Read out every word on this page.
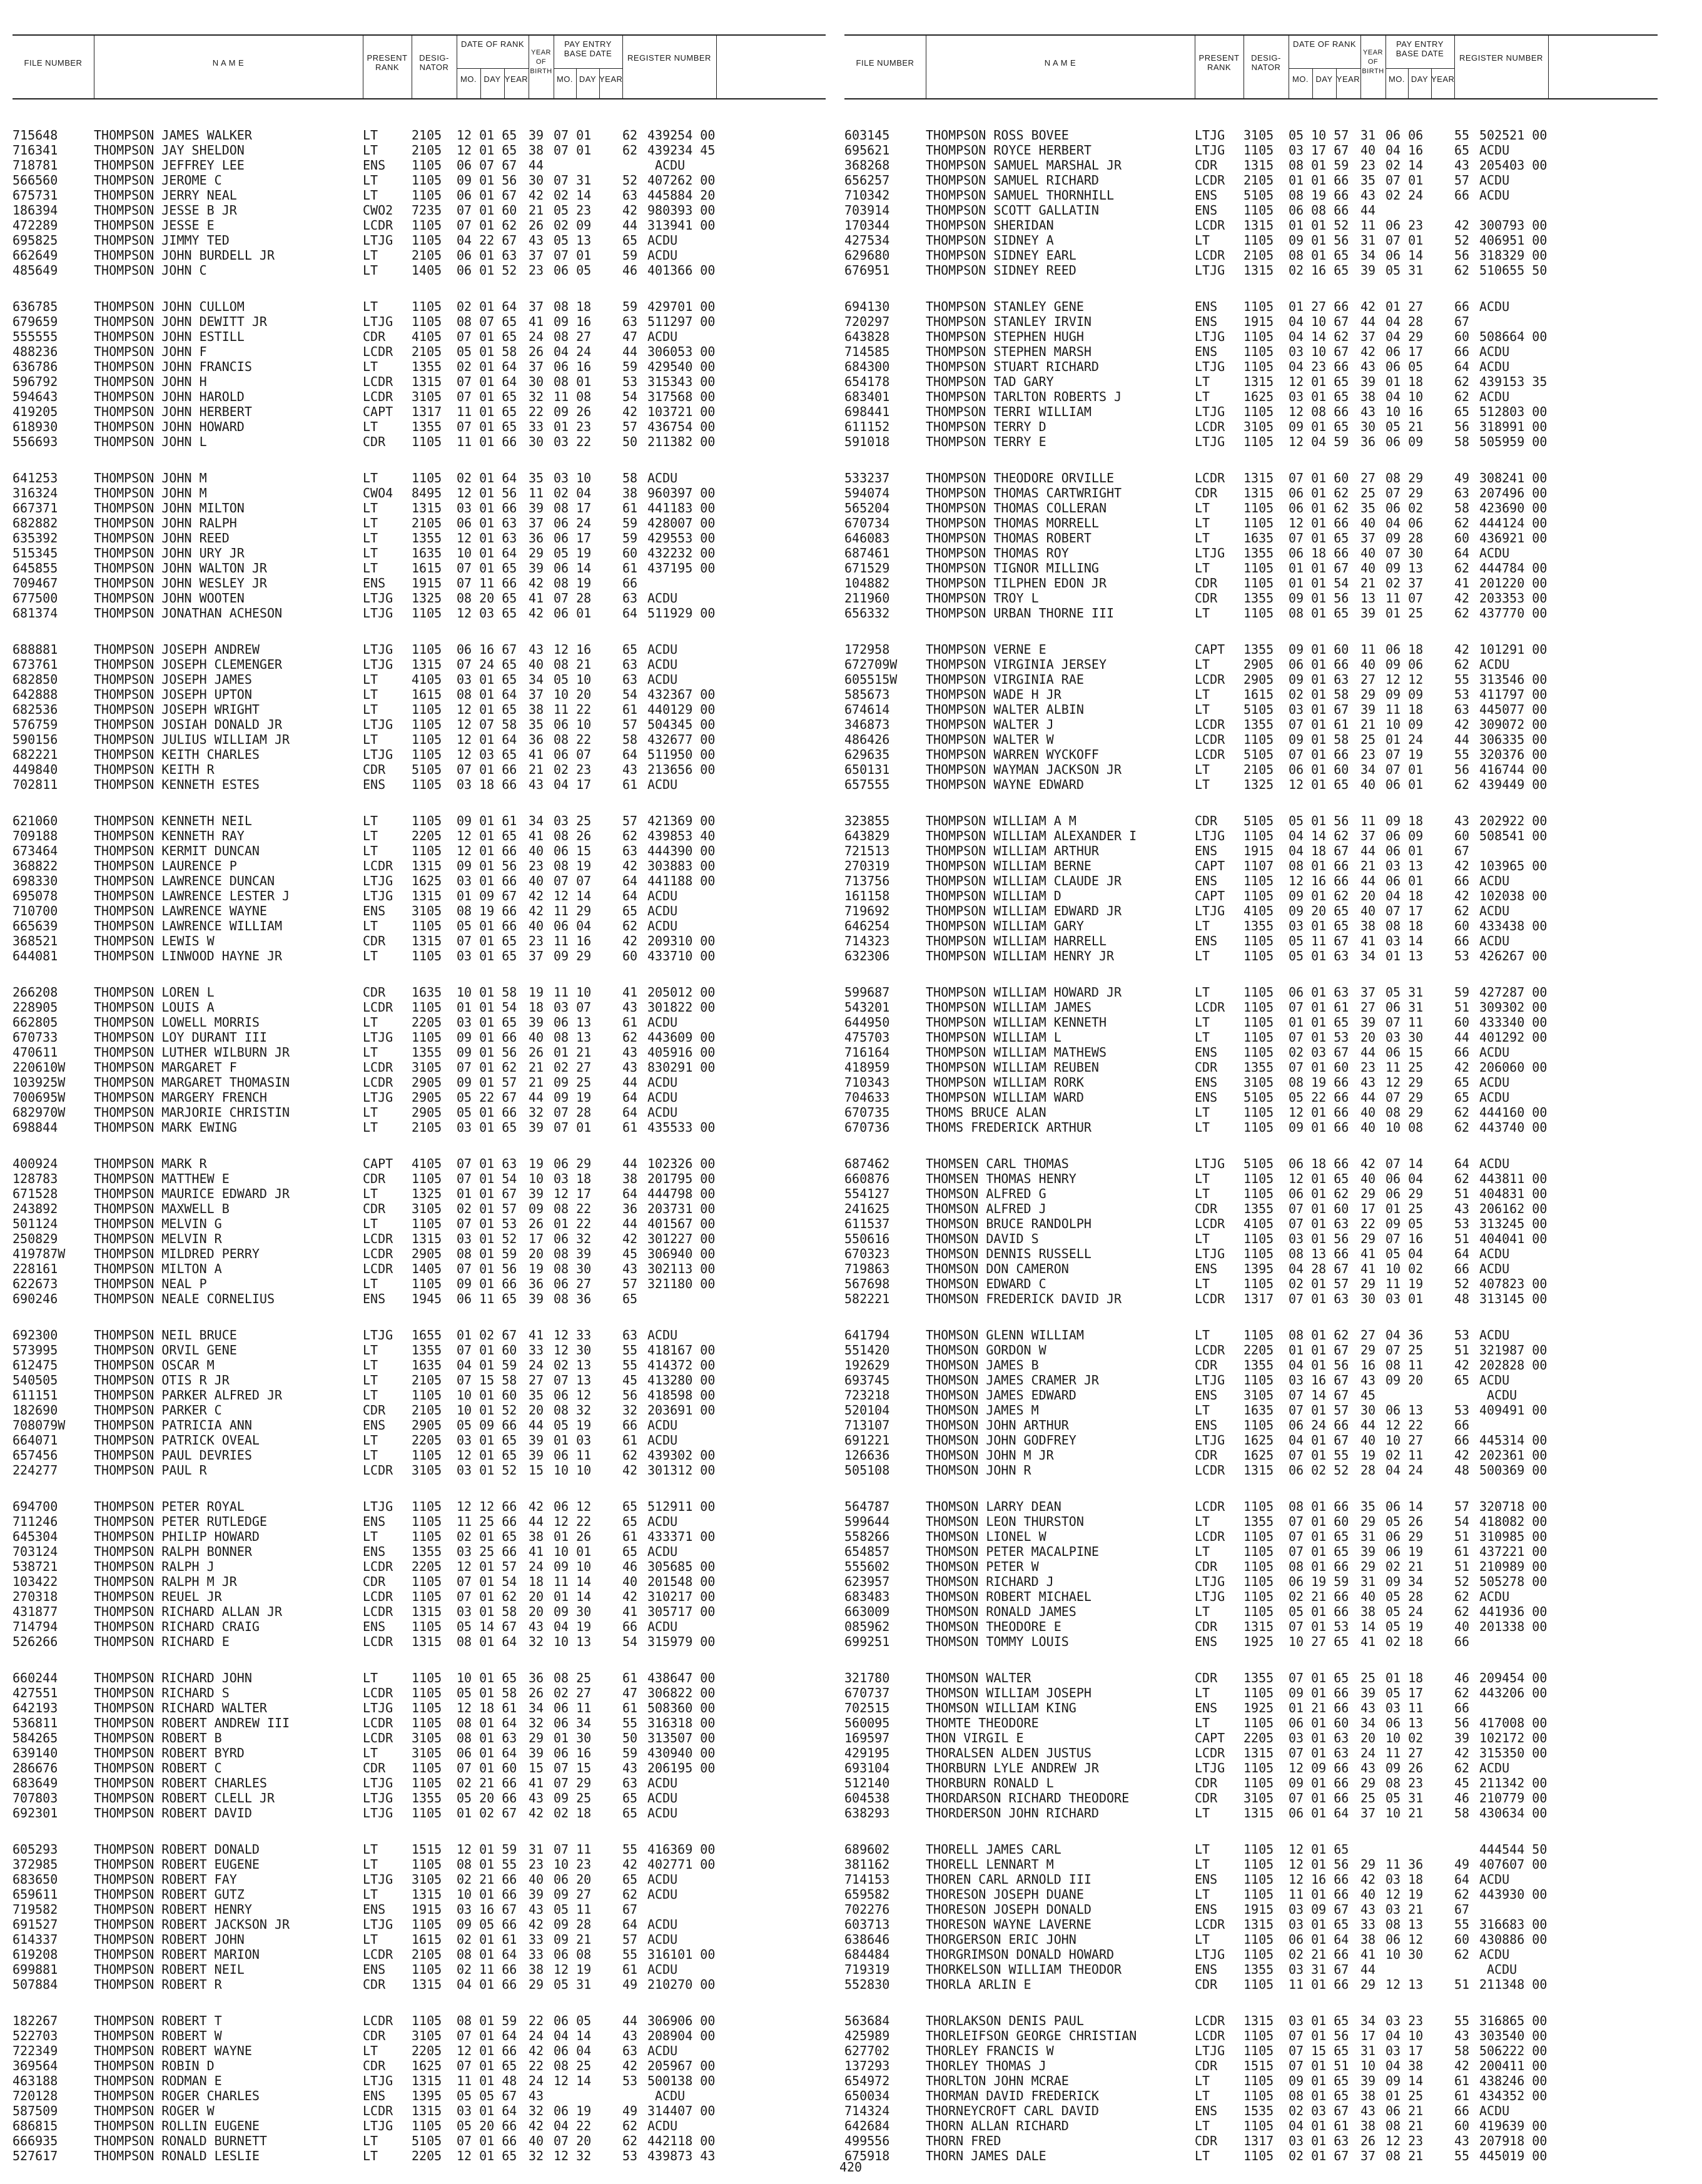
FILE NUMBER	N A M E
PRESENT RANK
DESIG-NATOR
DATE OF RANK
MO. DAY YEAR
YEAR OF BIRTH
PAY ENTRY BASE DATE
MO. DAY YEAR
REGISTER NUMBER
715648	THOMPSON JAMES WALKER	LT	2105	12 01 65 39 07 01	62 439254 00
716341	THOMPSON JAY SHELDON	LT	2105	12 01 65 38 07 01	62 439234 45
718781	THOMPSON JEFFREY LEE	ENS	1105	06 07 67 44	ACDU
566560	THOMPSON JEROME C	LT	1105	09 01 56 30 07 31	52 407262 00
675731	THOMPSON JERRY NEAL	LT	1105	06 01 67 42 02 14	63 445884 20
186394	THOMPSON JESSE B JR	CWO2	7235	07 01 60 21 05 23	42 980393 00
472289	THOMPSON JESSE E	LCDR	1105	07 01 62 26 02 09	44 313941 00
695825	THOMPSON JIMMY TED	LTJG	1105	04 22 67 43 05 13	65 ACDU
662649	THOMPSON JOHN BURDELL JR	LT	2105	06 01 63 37 07 01	59 ACDU
485649	THOMPSON JOHN C	LT	1405	06 01 52 23 06 05	46 401366 00
636785	THOMPSON JOHN CULLOM	LT	1105	02 01 64 37 08 18	59 429701 00
679659	THOMPSON JOHN DEWITT JR	LTJG	1105	08 07 65 41 09 16	63 511297 00
555555	THOMPSON JOHN ESTILL	CDR	4105	07 01 65 24 08 27	47 ACDU
488236	THOMPSON JOHN F	LCDR	2105	05 01 58 26 04 24	44 306053 00
636786	THOMPSON JOHN FRANCIS	LT	1355	02 01 64 37 06 16	59 429540 00
596792	THOMPSON JOHN H	LCDR	1315	07 01 64 30 08 01	53 315343 00
594643	THOMPSON JOHN HAROLD	LCDR	3105	07 01 65 32 11 08	54 317568 00
419205	THOMPSON JOHN HERBERT	CAPT	1317	11 01 65 22 09 26	42 103721 00
618930	THOMPSON JOHN HOWARD	LT	1355	07 01 65 33 01 23	57 436754 00
556693	THOMPSON JOHN L	CDR	1105	11 01 66 30 03 22	50 211382 00
641253	THOMPSON JOHN M	LT	1105	02 01 64 35 03 10	58 ACDU
316324	THOMPSON JOHN M	CWO4	8495	12 01 56 11 02 04	38 960397 00
667371	THOMPSON JOHN MILTON	LT	1315	03 01 66 39 08 17	61 441183 00
682882	THOMPSON JOHN RALPH	LT	2105	06 01 63 37 06 24	59 428007 00
635392	THOMPSON JOHN REED	LT	1355	12 01 63 36 06 17	59 429553 00
515345	THOMPSON JOHN URY JR	LT	1635	10 01 64 29 05 19	60 432232 00
645855	THOMPSON JOHN WALTON JR	LT	1615	07 01 65 39 06 14	61 437195 00
709467	THOMPSON JOHN WESLEY JR	ENS	1915	07 11 66 42 08 19	66
677500	THOMPSON JOHN WOOTEN	LTJG	1325	08 20 65 41 07 28	63 ACDU
681374	THOMPSON JONATHAN ACHESON	LTJG	1105	12 03 65 42 06 01	64 511929 00
688881	THOMPSON JOSEPH ANDREW	LTJG	1105	06 16 67 43 12 16	65 ACDU
673761	THOMPSON JOSEPH CLEMENGER	LTJG	1315	07 24 65 40 08 21	63 ACDU
682850	THOMPSON JOSEPH JAMES	LT	4105	03 01 65 34 05 10	63 ACDU
642888	THOMPSON JOSEPH UPTON	LT	1615	08 01 64 37 10 20	54 432367 00
682536	THOMPSON JOSEPH WRIGHT	LT	1105	12 01 65 38 11 22	61 440129 00
576759	THOMPSON JOSIAH DONALD JR	LTJG	1105	12 07 58 35 06 10	57 504345 00
590156	THOMPSON JULIUS WILLIAM JR	LT	1105	12 01 64 36 08 22	58 432677 00
682221	THOMPSON KEITH CHARLES	LTJG	1105	12 03 65 41 06 07	64 511950 00
449840	THOMPSON KEITH R	CDR	5105	07 01 66 21 02 23	43 213656 00
702811	THOMPSON KENNETH ESTES	ENS	1105	03 18 66 43 04 17	61 ACDU
621060	THOMPSON KENNETH NEIL	LT	1105	09 01 61 34 03 25	57 421369 00
709188	THOMPSON KENNETH RAY	LT	2205	12 01 65 41 08 26	62 439853 40
673464	THOMPSON KERMIT DUNCAN	LT	1105	12 01 66 40 06 15	63 444390 00
368822	THOMPSON LAURENCE P	LCDR	1315	09 01 56 23 08 19	42 303883 00
698330	THOMPSON LAWRENCE DUNCAN	LTJG	1625	03 01 66 40 07 07	64 441188 00
695078	THOMPSON LAWRENCE LESTER J	LTJG	1315	01 09 67 42 12 14	64 ACDU
710700	THOMPSON LAWRENCE WAYNE	ENS	3105	08 19 66 42 11 29	65 ACDU
665639	THOMPSON LAWRENCE WILLIAM	LT	1105	05 01 66 40 06 04	62 ACDU
368521	THOMPSON LEWIS W	CDR	1315	07 01 65 23 11 16	42 209310 00
644081	THOMPSON LINWOOD HAYNE JR	LT	1105	03 01 65 37 09 29	60 433710 00
266208	THOMPSON LOREN L	CDR	1635	10 01 58 19 11 10	41 205012 00
228905	THOMPSON LOUIS A	LCDR	1105	01 01 54 18 03 07	43 301822 00
662805	THOMPSON LOWELL MORRIS	LT	2205	03 01 65 39 06 13	61 ACDU
670733	THOMPSON LOY DURANT III	LTJG	1105	09 01 66 40 08 13	62 443609 00
470611	THOMPSON LUTHER WILBURN JR	LT	1355	09 01 56 26 01 21	43 405916 00
220610W	THOMPSON MARGARET F	LCDR	3105	07 01 62 21 02 27	43 830291 00
103925W	THOMPSON MARGARET THOMASIN	LCDR	2905	09 01 57 21 09 25	44 ACDU
700695W	THOMPSON MARGERY FRENCH	LTJG	2905	05 22 67 44 09 19	64 ACDU
682970W	THOMPSON MARJORIE CHRISTIN	LT	2905	05 01 66 32 07 28	64 ACDU
698844	THOMPSON MARK EWING	LT	2105	03 01 65 39 07 01	61 435533 00
400924	THOMPSON MARK R	CAPT	4105	07 01 63 19 06 29	44 102326 00
128783	THOMPSON MATTHEW E	CDR	1105	07 01 54 10 03 18	38 201795 00
671528	THOMPSON MAURICE EDWARD JR	LT	1325	01 01 67 39 12 17	64 444798 00
243892	THOMPSON MAXWELL B	CDR	3105	02 01 57 09 08 22	36 203731 00
501124	THOMPSON MELVIN G	LT	1105	07 01 53 26 01 22	44 401567 00
250829	THOMPSON MELVIN R	LCDR	1315	03 01 52 17 06 32	42 301227 00
419787W	THOMPSON MILDRED PERRY	LCDR	2905	08 01 59 20 08 39	45 306940 00
228161	THOMPSON MILTON A	LCDR	1405	07 01 56 19 08 30	43 302113 00
622673	THOMPSON NEAL P	LT	1105	09 01 66 36 06 27	57 321180 00
690246	THOMPSON NEALE CORNELIUS	ENS	1945	06 11 65 39 08 36	65
692300	THOMPSON NEIL BRUCE	LTJG	1655	01 02 67 41 12 33	63 ACDU
573995	THOMPSON ORVIL GENE	LT	1355	07 01 60 33 12 30	55 418167 00
612475	THOMPSON OSCAR M	LT	1635	04 01 59 24 02 13	55 414372 00
540505	THOMPSON OTIS R JR	LT	2105	07 15 58 27 07 13	45 413280 00
611151	THOMPSON PARKER ALFRED JR	LT	1105	10 01 60 35 06 12	56 418598 00
182690	THOMPSON PARKER C	CDR	2105	10 01 52 20 08 32	32 203691 00
708079W	THOMPSON PATRICIA ANN	ENS	2905	05 09 66 44 05 19	66 ACDU
664071	THOMPSON PATRICK OVEAL	LT	2205	03 01 65 39 01 03	61 ACDU
657456	THOMPSON PAUL DEVRIES	LT	1105	12 01 65 39 06 11	62 439302 00
224277	THOMPSON PAUL R	LCDR	3105	03 01 52 15 10 10	42 301312 00
694700	THOMPSON PETER ROYAL	LTJG	1105	12 12 66 42 06 12	65 512911 00
711246	THOMPSON PETER RUTLEDGE	ENS	1105	11 25 66 44 12 22	65 ACDU
645304	THOMPSON PHILIP HOWARD	LT	1105	02 01 65 38 01 26	61 433371 00
703124	THOMPSON RALPH BONNER	ENS	1355	03 25 66 41 10 01	65 ACDU
538721	THOMPSON RALPH J	LCDR	2205	12 01 57 24 09 10	46 305685 00
103422	THOMPSON RALPH M JR	CDR	1105	07 01 54 18 11 14	40 201548 00
270318	THOMPSON REUEL JR	LCDR	1105	07 01 62 20 01 14	42 310217 00
431877	THOMPSON RICHARD ALLAN JR	LCDR	1315	03 01 58 20 09 30	41 305717 00
714794	THOMPSON RICHARD CRAIG	ENS	1105	05 14 67 43 04 19	66 ACDU
526266	THOMPSON RICHARD E	LCDR	1315	08 01 64 32 10 13	54 315979 00
660244	THOMPSON RICHARD JOHN	LT	1105	10 01 65 36 08 25	61 438647 00
427551	THOMPSON RICHARD S	LCDR	1105	05 01 58 26 02 27	47 306822 00
642193	THOMPSON RICHARD WALTER	LTJG	1105	12 18 61 34 06 11	61 508360 00
536811	THOMPSON ROBERT ANDREW III	LCDR	1105	08 01 64 32 06 34	55 316318 00
584265	THOMPSON ROBERT B	LCDR	3105	08 01 63 29 01 30	50 313507 00
639140	THOMPSON ROBERT BYRD	LT	3105	06 01 64 39 06 16	59 430940 00
286676	THOMPSON ROBERT C	CDR	1105	07 01 60 15 07 15	43 206195 00
683649	THOMPSON ROBERT CHARLES	LTJG	1105	02 21 66 41 07 29	63 ACDU
707803	THOMPSON ROBERT CLELL JR	LTJG	1355	05 20 66 43 09 25	65 ACDU
692301	THOMPSON ROBERT DAVID	LTJG	1105	01 02 67 42 02 18	65 ACDU
605293	THOMPSON ROBERT DONALD	LT	1515	12 01 59 31 07 11	55 416369 00
372985	THOMPSON ROBERT EUGENE	LT	1105	08 01 55 23 10 23	42 402771 00
683650	THOMPSON ROBERT FAY	LTJG	3105	02 21 66 40 06 20	65 ACDU
659611	THOMPSON ROBERT GUTZ	LT	1315	10 01 66 39 09 27	62 ACDU
719582	THOMPSON ROBERT HENRY	ENS	1915	03 16 67 43 05 11	67
691527	THOMPSON ROBERT JACKSON JR	LTJG	1105	09 05 66 42 09 28	64 ACDU
614337	THOMPSON ROBERT JOHN	LT	1615	02 01 61 33 09 21	57 ACDU
619208	THOMPSON ROBERT MARION	LCDR	2105	08 01 64 33 06 08	55 316101 00
699881	THOMPSON ROBERT NEIL	ENS	1105	02 11 66 38 12 19	61 ACDU
507884	THOMPSON ROBERT R	CDR	1315	04 01 66 29 05 31	49 210270 00
182267	THOMPSON ROBERT T	LCDR	1105	08 01 59 22 06 05	44 306906 00
522703	THOMPSON ROBERT W	CDR	3105	07 01 64 24 04 14	43 208904 00
722349	THOMPSON ROBERT WAYNE	LT	2205	12 01 66 42 06 04	63 ACDU
369564	THOMPSON ROBIN D	CDR	1625	07 01 65 22 08 25	42 205967 00
463188	THOMPSON RODMAN E	LTJG	1315	11 01 48 24 12 14	53 500138 00
720128	THOMPSON ROGER CHARLES	ENS	1395	05 05 67 43	ACDU
587509	THOMPSON ROGER W	LCDR	1315	03 01 64 32 06 19	49 314407 00
686815	THOMPSON ROLLIN EUGENE	LTJG	1105	05 20 66 42 04 22	62 ACDU
666935	THOMPSON RONALD BURNETT	LT	5105	07 01 66 40 07 20	62 442118 00
527617	THOMPSON RONALD LESLIE	LT	2205	12 01 65 32 12 32	53 439873 43
FILE NUMBER	N A M E
PRESENT RANK
DESIG-NATOR
DATE OF RANK
MO. DAY YEAR
YEAR OF BIRTH
PAY ENTRY BASE DATE
MO. DAY YEAR
REGISTER NUMBER
603145	THOMPSON ROSS BOVEE	LTJG	3105	05 10 57 31 06 06	55 502521 00
695621	THOMPSON ROYCE HERBERT	LTJG	1105	03 17 67 40 04 16	65 ACDU
368268	THOMPSON SAMUEL MARSHAL JR	CDR	1315	08 01 59 23 02 14	43 205403 00
656257	THOMPSON SAMUEL RICHARD	LCDR	2105	01 01 66 35 07 01	57 ACDU
710342	THOMPSON SAMUEL THORNHILL	ENS	5105	08 19 66 43 02 24	66 ACDU
703914	THOMPSON SCOTT GALLATIN	ENS	1105	06 08 66 44
170344	THOMPSON SHERIDAN	LCDR	1315	01 01 52 11 06 23	42 300793 00
427534	THOMPSON SIDNEY A	LT	1105	09 01 56 31 07 01	52 406951 00
629680	THOMPSON SIDNEY EARL	LCDR	2105	08 01 65 34 06 14	56 318329 00
676951	THOMPSON SIDNEY REED	LTJG	1315	02 16 65 39 05 31	62 510655 50
694130	THOMPSON STANLEY GENE	ENS	1105	01 27 66 42 01 27	66 ACDU
720297	THOMPSON STANLEY IRVIN	ENS	1915	04 10 67 44 04 28	67
643828	THOMPSON STEPHEN HUGH	LTJG	1105	04 14 62 37 04 29	60 508664 00
714585	THOMPSON STEPHEN MARSH	ENS	1105	03 10 67 42 06 17	66 ACDU
684300	THOMPSON STUART RICHARD	LTJG	1105	04 23 66 43 06 05	64 ACDU
654178	THOMPSON TAD GARY	LT	1315	12 01 65 39 01 18	62 439153 35
683401	THOMPSON TARLTON ROBERTS J	LT	1625	03 01 65 38 04 10	62 ACDU
698441	THOMPSON TERRI WILLIAM	LTJG	1105	12 08 66 43 10 16	65 512803 00
611152	THOMPSON TERRY D	LCDR	3105	09 01 65 30 05 21	56 318991 00
591018	THOMPSON TERRY E	LTJG	1105	12 04 59 36 06 09	58 505959 00
533237	THOMPSON THEODORE ORVILLE	LCDR	1315	07 01 60 27 08 29	49 308241 00
594074	THOMPSON THOMAS CARTWRIGHT	CDR	1315	06 01 62 25 07 29	63 207496 00
565204	THOMPSON THOMAS COLLERAN	LT	1105	06 01 62 35 06 02	58 423690 00
670734	THOMPSON THOMAS MORRELL	LT	1105	12 01 66 40 04 06	62 444124 00
646083	THOMPSON THOMAS ROBERT	LT	1635	07 01 65 37 09 28	60 436921 00
687461	THOMPSON THOMAS ROY	LTJG	1355	06 18 66 40 07 30	64 ACDU
671529	THOMPSON TIGNOR MILLING	LT	1105	01 01 67 40 09 13	62 444784 00
104882	THOMPSON TILPHEN EDON JR	CDR	1105	01 01 54 21 02 37	41 201220 00
211960	THOMPSON TROY L	CDR	1355	09 01 56 13 11 07	42 203353 00
656332	THOMPSON URBAN THORNE III	LT	1105	08 01 65 39 01 25	62 437770 00
172958	THOMPSON VERNE E	CAPT	1355	09 01 60 11 06 18	42 101291 00
672709W	THOMPSON VIRGINIA JERSEY	LT	2905	06 01 66 40 09 06	62 ACDU
605515W	THOMPSON VIRGINIA RAE	LCDR	2905	09 01 63 27 12 12	55 313546 00
585673	THOMPSON WADE H JR	LT	1615	02 01 58 29 09 09	53 411797 00
674614	THOMPSON WALTER ALBIN	LT	5105	03 01 67 39 11 18	63 445077 00
346873	THOMPSON WALTER J	LCDR	1355	07 01 61 21 10 09	42 309072 00
486426	THOMPSON WALTER W	LCDR	1105	09 01 58 25 01 24	44 306335 00
629635	THOMPSON WARREN WYCKOFF	LCDR	5105	07 01 66 23 07 19	55 320376 00
650131	THOMPSON WAYMAN JACKSON JR	LT	2105	06 01 60 34 07 01	56 416744 00
657555	THOMPSON WAYNE EDWARD	LT	1325	12 01 65 40 06 01	62 439449 00
323855	THOMPSON WILLIAM A M	CDR	5105	05 01 56 11 09 18	43 202922 00
643829	THOMPSON WILLIAM ALEXANDER I	LTJG	1105	04 14 62 37 06 09	60 508541 00
721513	THOMPSON WILLIAM ARTHUR	ENS	1915	04 18 67 44 06 01	67
270319	THOMPSON WILLIAM BERNE	CAPT	1107	08 01 66 21 03 13	42 103965 00
713756	THOMPSON WILLIAM CLAUDE JR	ENS	1105	12 16 66 44 06 01	66 ACDU
161158	THOMPSON WILLIAM D	CAPT	1105	09 01 62 20 04 18	42 102038 00
719692	THOMPSON WILLIAM EDWARD JR	LTJG	4105	09 20 65 40 07 17	62 ACDU
646254	THOMPSON WILLIAM GARY	LT	1355	03 01 65 38 08 18	60 433438 00
714323	THOMPSON WILLIAM HARRELL	ENS	1105	05 11 67 41 03 14	66 ACDU
632306	THOMPSON WILLIAM HENRY JR	LT	1105	05 01 63 34 01 13	53 426267 00
599687	THOMPSON WILLIAM HOWARD JR	LT	1105	06 01 63 37 05 31	59 427287 00
543201	THOMPSON WILLIAM JAMES	LCDR	1105	07 01 61 27 06 31	51 309302 00
644950	THOMPSON WILLIAM KENNETH	LT	1105	01 01 65 39 07 11	60 433340 00
475703	THOMPSON WILLIAM L	LT	1105	07 01 53 20 03 30	44 401292 00
716164	THOMPSON WILLIAM MATHEWS	ENS	1105	02 03 67 44 06 15	66 ACDU
418959	THOMPSON WILLIAM REUBEN	CDR	1355	07 01 60 23 11 25	42 206060 00
710343	THOMPSON WILLIAM RORK	ENS	3105	08 19 66 43 12 29	65 ACDU
704633	THOMPSON WILLIAM WARD	ENS	5105	05 22 66 44 07 29	65 ACDU
670735	THOMS BRUCE ALAN	LT	1105	12 01 66 40 08 29	62 444160 00
670736	THOMS FREDERICK ARTHUR	LT	1105	09 01 66 40 10 08	62 443740 00
687462	THOMSEN CARL THOMAS	LTJG	5105	06 18 66 42 07 14	64 ACDU
660876	THOMSEN THOMAS HENRY	LT	1105	12 01 65 40 06 04	62 443811 00
554127	THOMSON ALFRED G	LT	1105	06 01 62 29 06 29	51 404831 00
241625	THOMSON ALFRED J	CDR	1355	07 01 60 17 01 25	43 206162 00
611537	THOMSON BRUCE RANDOLPH	LCDR	4105	07 01 63 22 09 05	53 313245 00
550616	THOMSON DAVID S	LT	1105	03 01 56 29 07 16	51 404041 00
670323	THOMSON DENNIS RUSSELL	LTJG	1105	08 13 66 41 05 04	64 ACDU
719863	THOMSON DON CAMERON	ENS	1395	04 28 67 41 10 02	66 ACDU
567698	THOMSON EDWARD C	LT	1105	02 01 57 29 11 19	52 407823 00
582221	THOMSON FREDERICK DAVID JR	LCDR	1317	07 01 63 30 03 01	48 313145 00
641794	THOMSON GLENN WILLIAM	LT	1105	08 01 62 27 04 36	53 ACDU
551420	THOMSON GORDON W	LCDR	2205	01 01 67 29 07 25	51 321987 00
192629	THOMSON JAMES B	CDR	1355	04 01 56 16 08 11	42 202828 00
693745	THOMSON JAMES CRAMER JR	LTJG	1105	03 16 67 43 09 20	65 ACDU
723218	THOMSON JAMES EDWARD	ENS	3105	07 14 67 45	ACDU
520104	THOMSON JAMES M	LT	1635	07 01 57 30 06 13	53 409491 00
713107	THOMSON JOHN ARTHUR	ENS	1105	06 24 66 44 12 22	66
691221	THOMSON JOHN GODFREY	LTJG	1625	04 01 67 40 10 27	66 445314 00
126636	THOMSON JOHN M JR	CDR	1625	07 01 55 19 02 11	42 202361 00
505108	THOMSON JOHN R	LCDR	1315	06 02 52 28 04 24	48 500369 00
564787	THOMSON LARRY DEAN	LCDR	1105	08 01 66 35 06 14	57 320718 00
599644	THOMSON LEON THURSTON	LT	1355	07 01 60 29 05 26	54 418082 00
558266	THOMSON LIONEL W	LCDR	1105	07 01 65 31 06 29	51 310985 00
654857	THOMSON PETER MACALPINE	LT	1105	07 01 65 39 06 19	61 437221 00
555602	THOMSON PETER W	CDR	1105	08 01 66 29 02 21	51 210989 00
623957	THOMSON RICHARD J	LTJG	1105	06 19 59 31 09 34	52 505278 00
683483	THOMSON ROBERT MICHAEL	LTJG	1105	02 21 66 40 05 28	62 ACDU
663009	THOMSON RONALD JAMES	LT	1105	05 01 66 38 05 24	62 441936 00
085962	THOMSON THEODORE E	CDR	1315	07 01 53 14 05 19	40 201338 00
699251	THOMSON TOMMY LOUIS	ENS	1925	10 27 65 41 02 18	66
321780	THOMSON WALTER	CDR	1355	07 01 65 25 01 18	46 209454 00
670737	THOMSON WILLIAM JOSEPH	LT	1105	09 01 66 39 05 17	62 443206 00
702515	THOMSON WILLIAM KING	ENS	1925	01 21 66 43 03 11	66
560095	THOMTE THEODORE	LT	1105	06 01 60 34 06 13	56 417008 00
169597	THON VIRGIL E	CAPT	2205	03 01 63 20 10 02	39 102172 00
429195	THORALSEN ALDEN JUSTUS	LCDR	1315	07 01 63 24 11 27	42 315350 00
693104	THORBURN LYLE ANDREW JR	LTJG	1105	12 09 66 43 09 26	62 ACDU
512140	THORBURN RONALD L	CDR	1105	09 01 66 29 08 23	45 211342 00
604538	THORDARSON RICHARD THEODORE	CDR	3105	07 01 66 25 05 31	46 210779 00
638293	THORDERSON JOHN RICHARD	LT	1315	06 01 64 37 10 21	58 430634 00
689602	THORELL JAMES CARL	LT	1105	12 01 65	444544 50
381162	THORELL LENNART M	LT	1105	12 01 56 29 11 36	49 407607 00
714153	THOREN CARL ARNOLD III	ENS	1105	12 16 66 42 03 18	64 ACDU
659582	THORESON JOSEPH DUANE	LT	1105	11 01 66 40 12 19	62 443930 00
702276	THORESON JOSEPH DONALD	ENS	1915	03 09 67 43 03 21	67
603713	THORESON WAYNE LAVERNE	LCDR	1315	03 01 65 33 08 13	55 316683 00
638646	THORGERSON ERIC JOHN	LT	1105	06 01 64 38 06 12	60 430886 00
684484	THORGRIMSON DONALD HOWARD	LTJG	1105	02 21 66 41 10 30	62 ACDU
719319	THORKELSON WILLIAM THEODOR	ENS	1355	03 31 67 44	ACDU
552830	THORLA ARLIN E	CDR	1105	11 01 66 29 12 13	51 211348 00
563684	THORLAKSON DENIS PAUL	LCDR	1315	03 01 65 34 03 23	55 316865 00
425989	THORLEIFSON GEORGE CHRISTIAN	LCDR	1105	07 01 56 17 04 10	43 303540 00
627702	THORLEY FRANCIS W	LTJG	1105	07 15 65 31 03 17	58 506222 00
137293	THORLEY THOMAS J	CDR	1515	07 01 51 10 04 38	42 200411 00
654972	THORLTON JOHN MCRAE	LT	1105	09 01 65 39 09 14	61 438246 00
650034	THORMAN DAVID FREDERICK	LT	1105	08 01 65 38 01 25	61 434352 00
714324	THORNEYCROFT CARL DAVID	ENS	1535	02 03 67 43 06 21	66 ACDU
642684	THORN ALLAN RICHARD	LT	1105	04 01 61 38 08 21	60 419639 00
499556	THORN FRED	CDR	1317	03 01 63 26 12 23	43 207918 00
675918	THORN JAMES DALE	LT	1105	02 01 67 37 08 21	55 445019 00
420
